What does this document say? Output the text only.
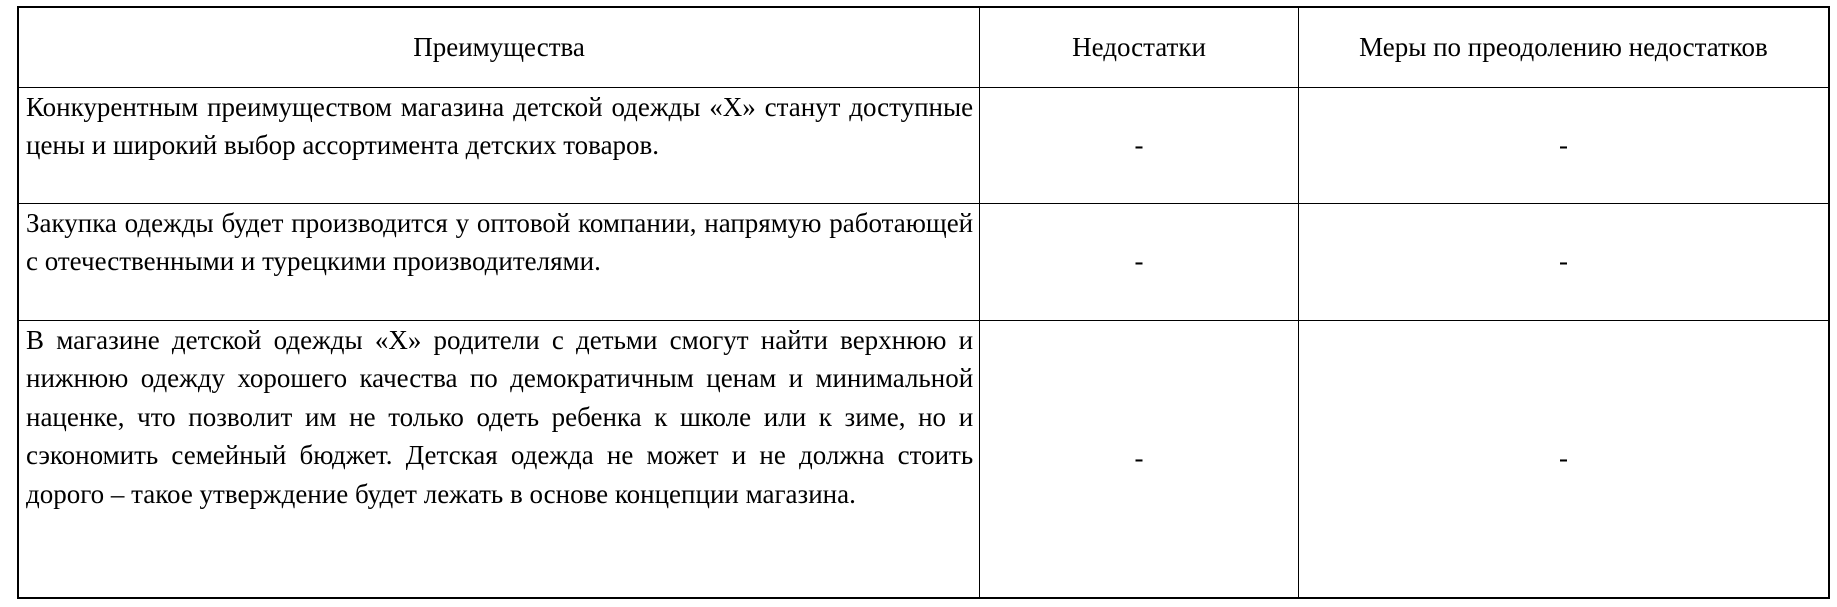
Преимущества	Недостатки	Меры по преодолению недостатков
Конкурентным преимуществом магазина детской одежды «Х» станут доступные цены и широкий выбор ассортимента детских товаров.	-	-
Закупка одежды будет производится у оптовой компании, напрямую работающей с отечественными и турецкими производителями.	-	-
В магазине детской одежды «Х» родители с детьми смогут найти верхнюю и нижнюю одежду хорошего качества по демократичным ценам и минимальной наценке, что позволит им не только одеть ребенка к школе или к зиме, но и сэкономить семейный бюджет. Детская одежда не может и не должна стоить дорого – такое утверждение будет лежать в основе концепции магазина.	-	-
